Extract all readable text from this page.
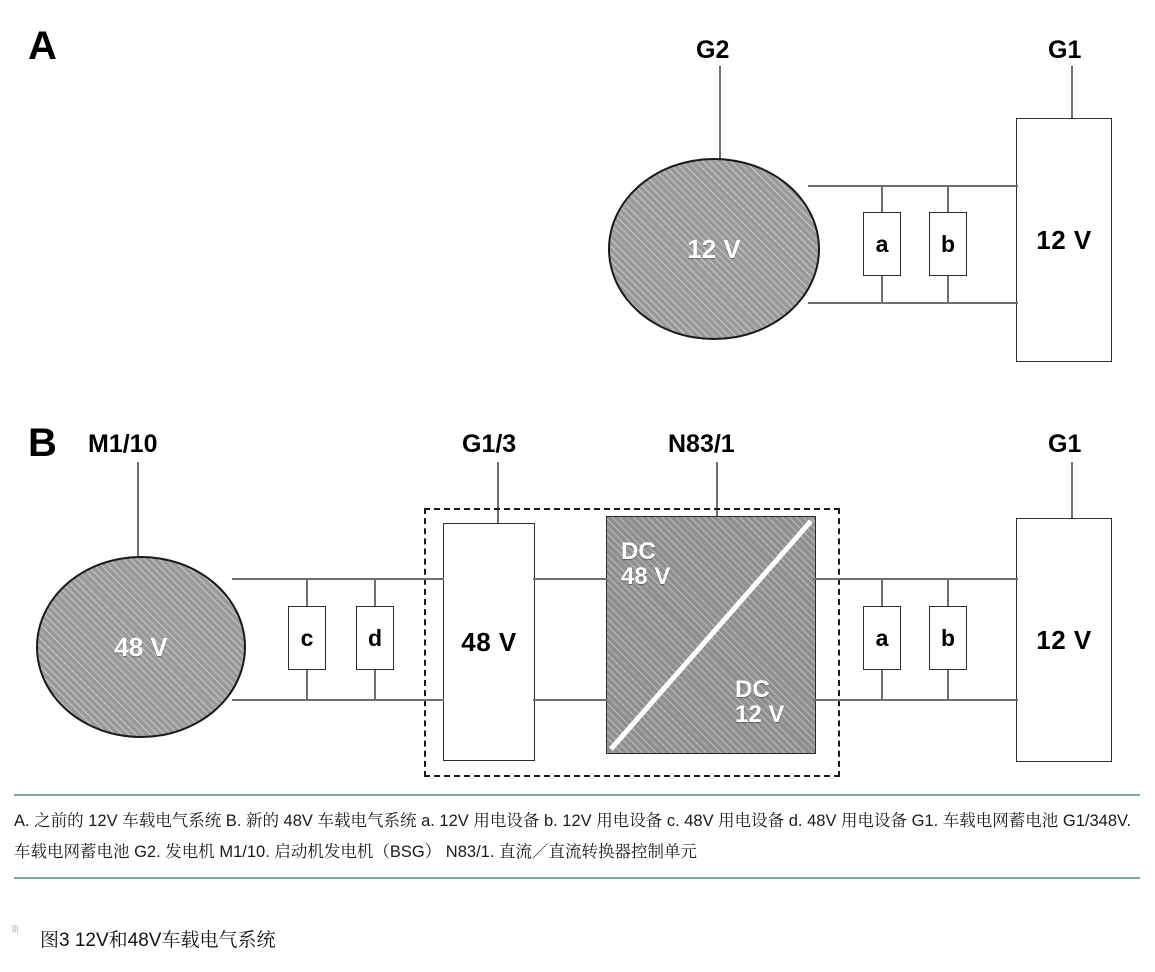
A	G2	G1
12 V	12 V
a b
B M1/10	G1/3	N83/1	G1
48 V	48 V
DC
48 V
DC
12 V
12 V
c d	a b
A. 之前的 12V 车载电气系统 B. 新的 48V 车载电气系统 a. 12V 用电设备 b. 12V 用电设备 c. 48V 用电设备 d. 48V 用电设备 G1. 车载电网蓄电池 G1/348V. 车载电网蓄电池 G2. 发电机 M1/10. 启动机发电机（BSG） N83/1. 直流／直流转换器控制单元
|||
图3 12V和48V车载电气系统
